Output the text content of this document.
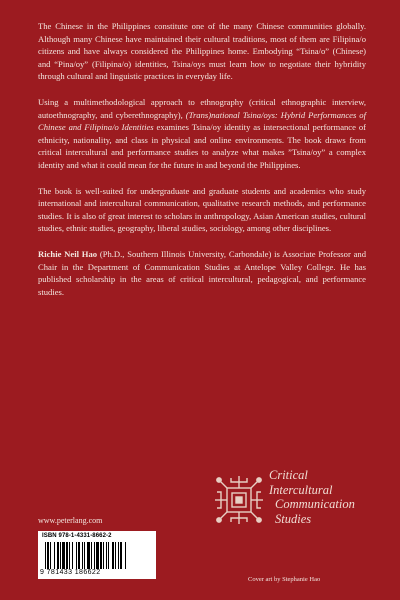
The Chinese in the Philippines constitute one of the many Chinese communities globally. Although many Chinese have maintained their cultural traditions, most of them are Filipina/o citizens and have always considered the Philippines home. Embodying “Tsina/o” (Chinese) and “Pina/oy” (Filipina/o) identities, Tsina/oys must learn how to negotiate their hybridity through cultural and linguistic practices in everyday life.

Using a multimethodological approach to ethnography (critical ethnographic interview, autoethnography, and cyberethnography), (Trans)national Tsina/oys: Hybrid Performances of Chinese and Filipina/o Identities examines Tsina/oy identity as intersectional performance of ethnicity, nationality, and class in physical and online environments. The book draws from critical intercultural and performance studies to analyze what makes ”Tsina/oy” a complex identity and what it could mean for the future in and beyond the Philippines.

The book is well-suited for undergraduate and graduate students and academics who study international and intercultural communication, qualitative research methods, and performance studies. It is also of great interest to scholars in anthropology, Asian American studies, cultural studies, ethnic studies, geography, liberal studies, sociology, among other disciplines.

Richie Neil Hao (Ph.D., Southern Illinois University, Carbondale) is Associate Professor and Chair in the Department of Communication Studies at Antelope Valley College. He has published scholarship in the areas of critical intercultural, pedagogical, and performance studies.

Critical
Intercultural
Communication
Studies
www.peterlang.com
ISBN 978-1-4331-8662-2
9 781433 186622
Cover art by Stephanie Hao
